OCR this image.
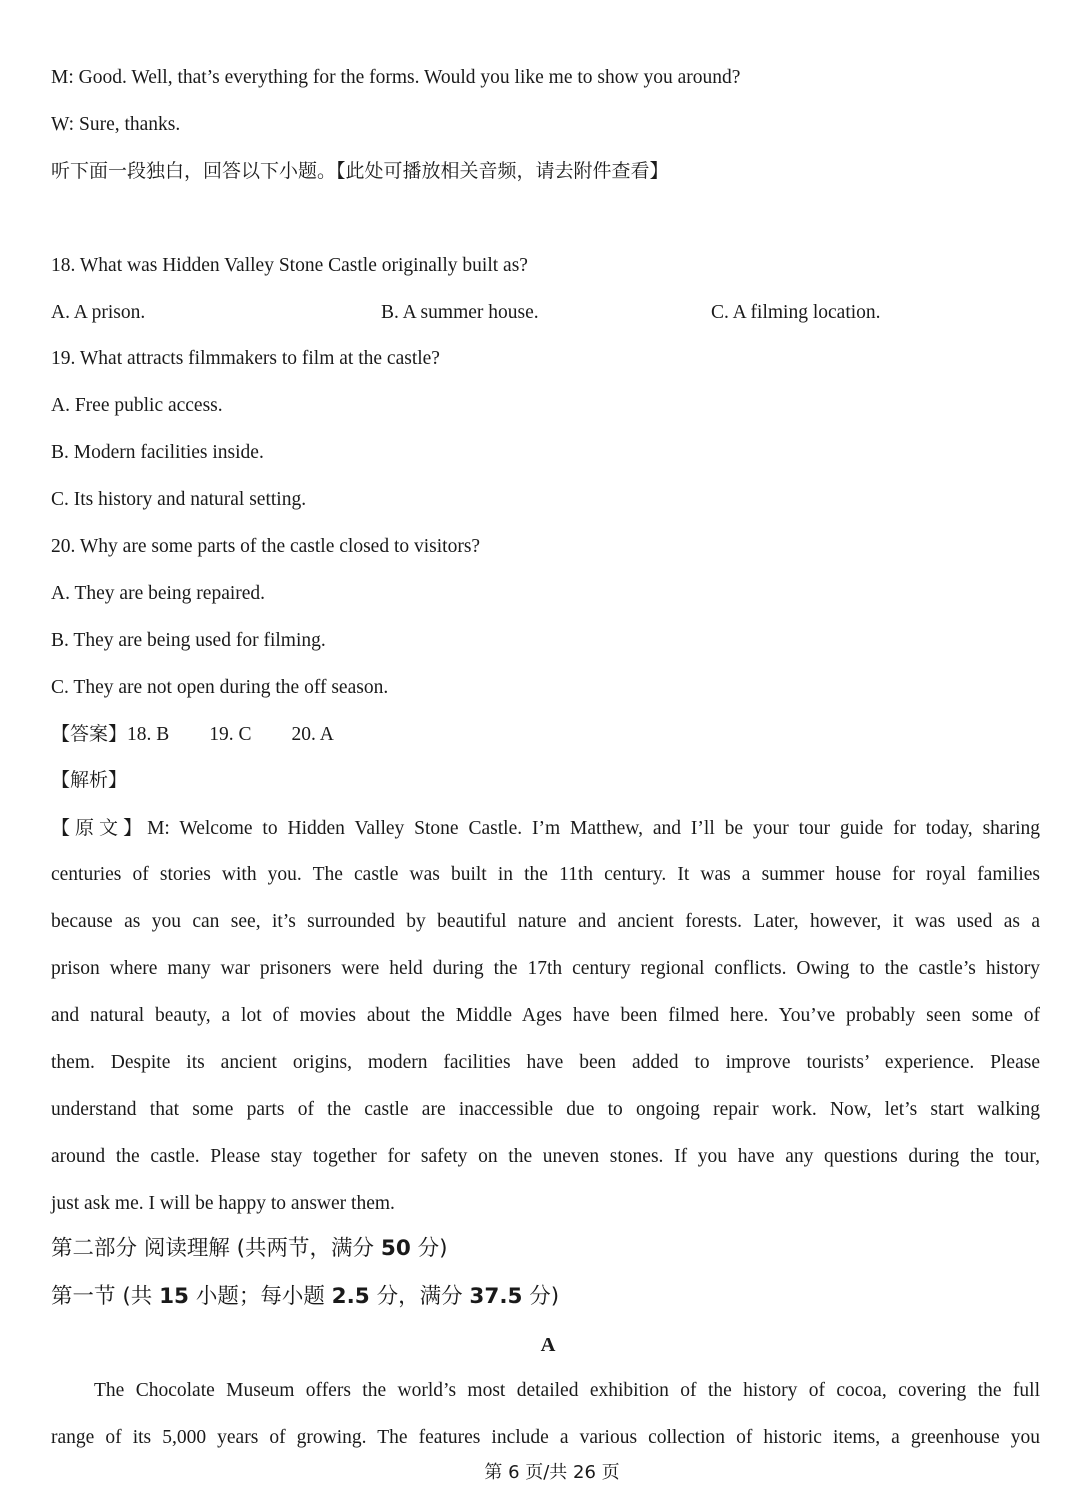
M: Good. Well, that’s everything for the forms. Would you like me to show you around?
W: Sure, thanks.
听下面一段独白，回答以下小题。【此处可播放相关音频，请去附件查看】
18. What was Hidden Valley Stone Castle originally built as?
A. A prison.	B. A summer house.	C. A filming location.
19. What attracts filmmakers to film at the castle?
A. Free public access.
B. Modern facilities inside.
C. Its history and natural setting.
20. Why are some parts of the castle closed to visitors?
A. They are being repaired.
B. They are being used for filming.
C. They are not open during the off season.
【答案】18. B 19. C 20. A
【解析】
【原文】M: Welcome to Hidden Valley Stone Castle. I’m Matthew, and I’ll be your tour guide for today, sharing
centuries of stories with you. The castle was built in the 11th century. It was a summer house for royal families
because as you can see, it’s surrounded by beautiful nature and ancient forests. Later, however, it was used as a
prison where many war prisoners were held during the 17th century regional conflicts. Owing to the castle’s history
and natural beauty, a lot of movies about the Middle Ages have been filmed here. You’ve probably seen some of
them. Despite its ancient origins, modern facilities have been added to improve tourists’ experience. Please
understand that some parts of the castle are inaccessible due to ongoing repair work. Now, let’s start walking
around the castle. Please stay together for safety on the uneven stones. If you have any questions during the tour,
just ask me. I will be happy to answer them.
第二部分 阅读理解 (共两节，满分 50 分)
第一节 (共 15 小题；每小题 2.5 分，满分 37.5 分)
A
The Chocolate Museum offers the world’s most detailed exhibition of the history of cocoa, covering the full
range of its 5,000 years of growing. The features include a various collection of historic items, a greenhouse you
第 6 页/共 26 页
